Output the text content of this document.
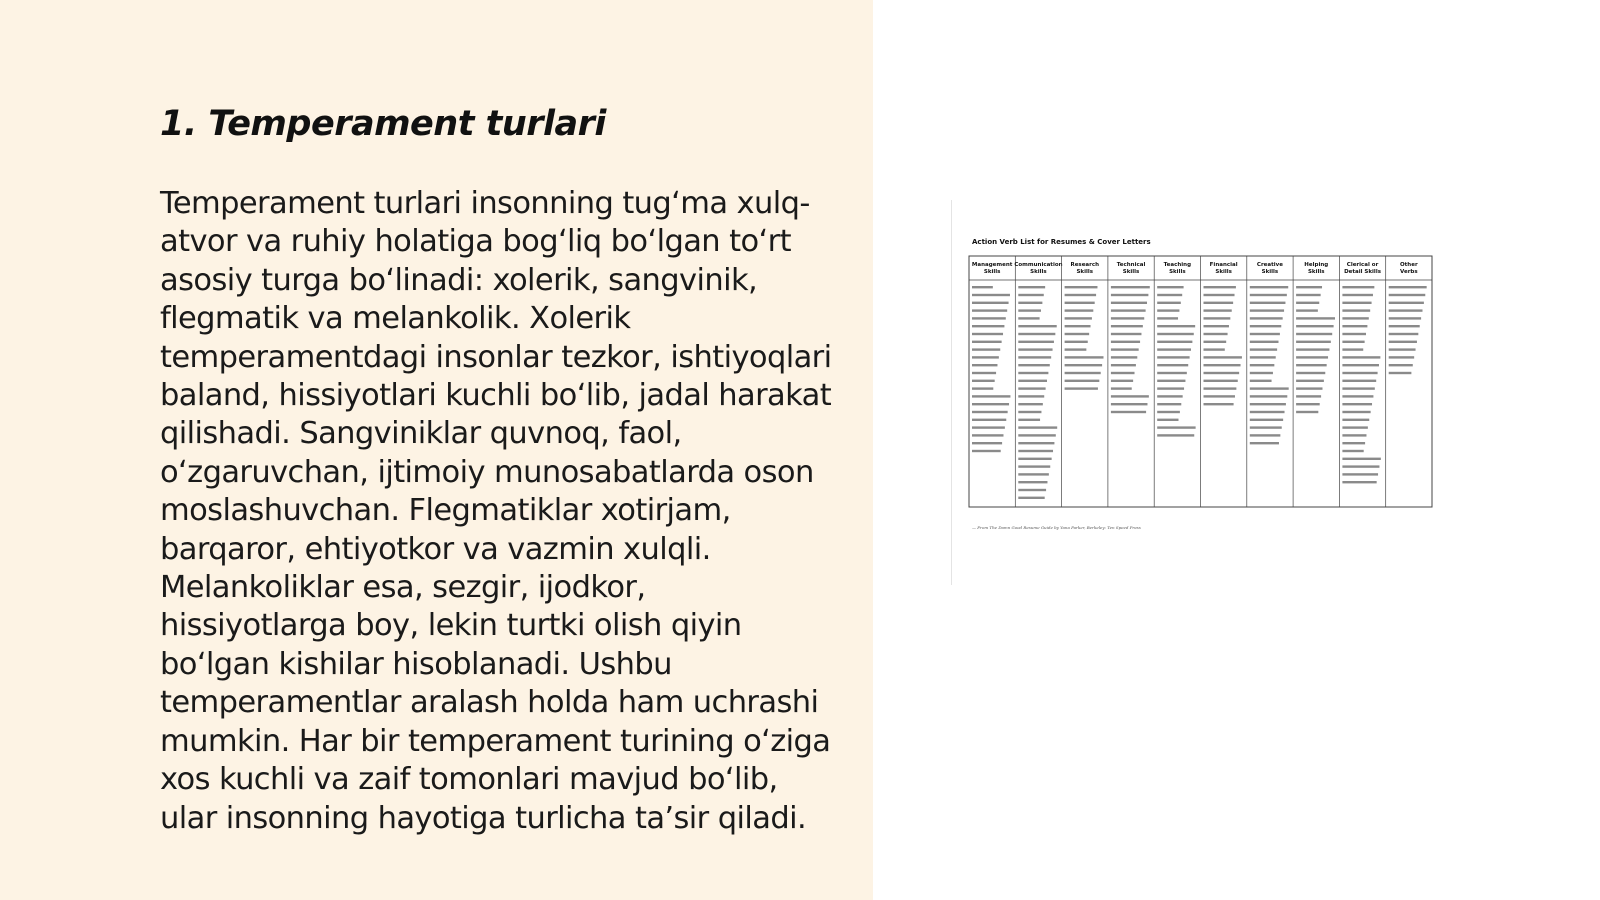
1. Temperament turlari

Temperament turlari insonning tug‘ma xulq-atvor va ruhiy holatiga bog‘liq bo‘lgan to‘rt asosiy turga bo‘linadi: xolerik, sangvinik, flegmatik va melankolik. Xolerik temperamentdagi insonlar tezkor, ishtiyoqlari baland, hissiyotlari kuchli bo‘lib, jadal harakat qilishadi. Sangviniklar quvnoq, faol, o‘zgaruvchan, ijtimoiy munosabatlarda oson moslashuvchan. Flegmatiklar xotirjam, barqaror, ehtiyotkor va vazmin xulqli. Melankoliklar esa, sezgir, ijodkor, hissiyotlarga boy, lekin turtki olish qiyin bo‘lgan kishilar hisoblanadi. Ushbu temperamentlar aralash holda ham uchrashi mumkin. Har bir temperament turining o‘ziga xos kuchli va zaif tomonlari mavjud bo‘lib, ular insonning hayotiga turlicha ta’sir qiladi.

Action Verb List for Resumes & Cover Letters
Management Skills
Communication Skills
Research Skills
Technical Skills
Teaching Skills
Financial Skills
Creative Skills
Helping Skills
Clerical or Detail Skills
Other Verbs
— From The Damn Good Resume Guide by Yana Parker, Berkeley: Ten Speed Press
